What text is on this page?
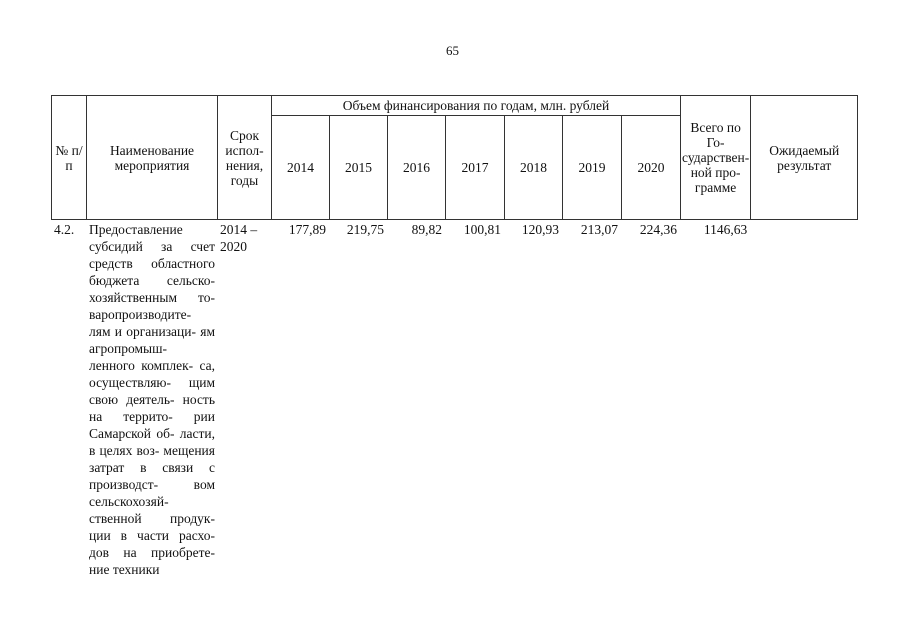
65
№ п/п	Наименование мероприятия	Срок испол- нения, годы	Объем финансирования по годам, млн. рублей							Всего по Го- сударствен- ной про- грамме	Ожидаемый результат
			2014	2015	2016	2017	2018	2019	2020		
4.2.	Предоставление субсидий за счет средств областного бюджета сельско- хозяйственным то- варопроизводите- лям и организаци- ям агропромыш- ленного комплек- са, осуществляю- щим свою деятель- ность на террито- рии Самарской об- ласти, в целях воз- мещения затрат в связи с производст- вом сельскохозяй- ственной продук- ции в части расхо- дов на приобрете- ние техники	2014 – 2020	177,89	219,75	89,82	100,81	120,93	213,07	224,36	1146,63	
